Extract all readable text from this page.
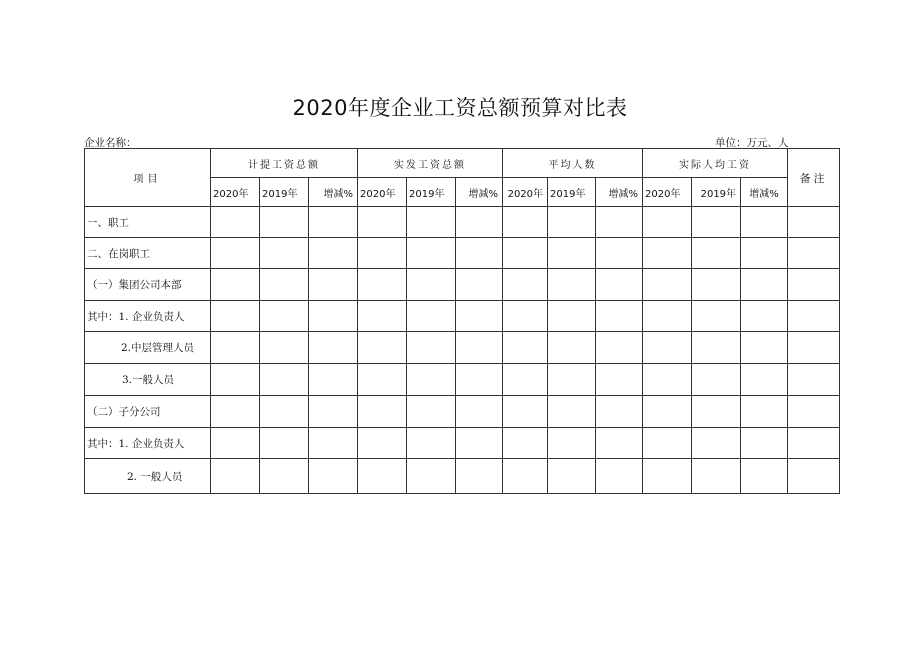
2020年度企业工资总额预算对比表
企业名称：	单位：万元、人
项目	计提工资总额			实发工资总额			平均人数			实际人均工资			备注
	2020年	2019年	增减%	2020年	2019年	增减%	2020年	2019年	增减%	2020年	2019年	增减%	
一、职工													
二、在岗职工													
（一）集团公司本部													
其中：1. 企业负责人													
2.中层管理人员													
3.一般人员													
（二）子分公司													
其中：1. 企业负责人													
2. 一般人员													
